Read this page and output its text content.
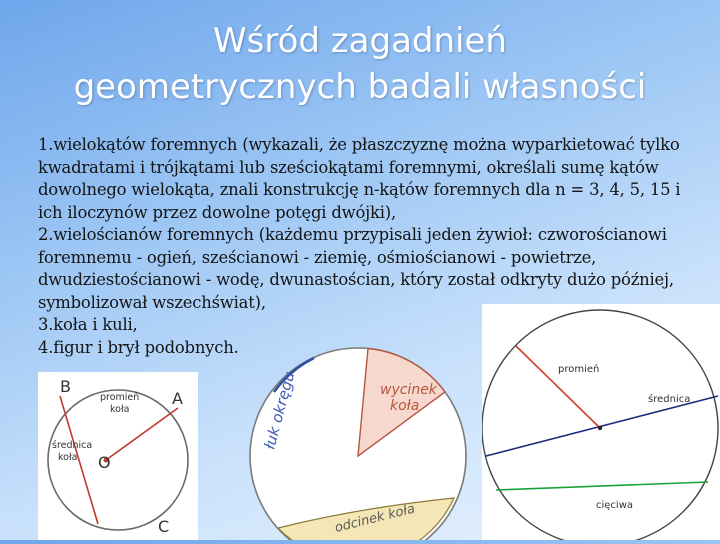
Wśród zagadnień
geometrycznych badali własności

1.wielokątów foremnych (wykazali, że płaszczyznę można wyparkietować tylko kwadratami i trójkątami lub sześciokątami foremnymi, określali sumę kątów dowolnego wielokąta, znali konstrukcję n-kątów foremnych dla n = 3, 4, 5, 15 i ich iloczynów przez dowolne potęgi dwójki),

2.wielościanów foremnych (każdemu przypisali jeden żywioł: czworościanowi foremnemu - ogień, sześcianowi - ziemię, ośmiościanowi - powietrze, dwudziestościanowi - wodę, dwunastościan, który został odkryty dużo później, symbolizował wszechświat),

3.koła i kuli,

4.figur i brył podobnych.

B
A
O
C
promień
koła
średnica
koła
łuk okręgu	wycinek
koła
odcinek koła
promień
średnica
cięciwa
